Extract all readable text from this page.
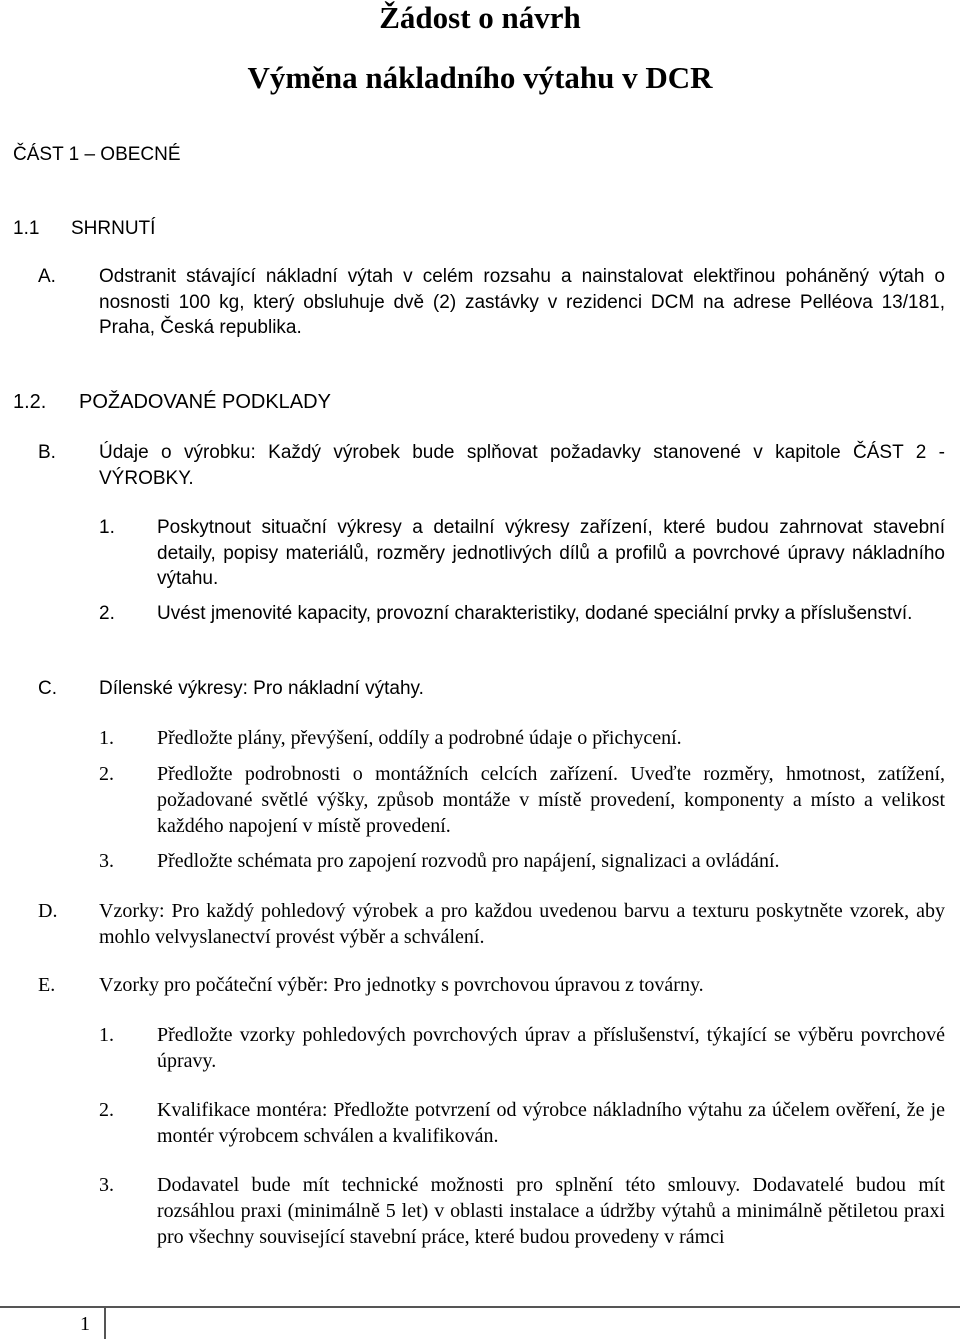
Žádost o návrh
Výměna nákladního výtahu v DCR
ČÁST 1 – OBECNÉ
1.1 SHRNUTÍ
A. Odstranit stávající nákladní výtah v celém rozsahu a nainstalovat elektřinou poháněný výtah o nosnosti 100 kg, který obsluhuje dvě (2) zastávky v rezidenci DCM na adrese Pelléova 13/181, Praha, Česká republika.
1.2. POŽADOVANÉ PODKLADY
B. Údaje o výrobku: Každý výrobek bude splňovat požadavky stanovené v kapitole ČÁST 2 - VÝROBKY.
1. Poskytnout situační výkresy a detailní výkresy zařízení, které budou zahrnovat stavební detaily, popisy materiálů, rozměry jednotlivých dílů a profilů a povrchové úpravy nákladního výtahu.
2. Uvést jmenovité kapacity, provozní charakteristiky, dodané speciální prvky a příslušenství.
C. Dílenské výkresy: Pro nákladní výtahy.
1. Předložte plány, převýšení, oddíly a podrobné údaje o přichycení.
2. Předložte podrobnosti o montážních celcích zařízení. Uveďte rozměry, hmotnost, zatížení, požadované světlé výšky, způsob montáže v místě provedení, komponenty a místo a velikost každého napojení v místě provedení.
3. Předložte schémata pro zapojení rozvodů pro napájení, signalizaci a ovládání.
D. Vzorky: Pro každý pohledový výrobek a pro každou uvedenou barvu a texturu poskytněte vzorek, aby mohlo velvyslanectví provést výběr a schválení.
E. Vzorky pro počáteční výběr: Pro jednotky s povrchovou úpravou z továrny.
1. Předložte vzorky pohledových povrchových úprav a příslušenství, týkající se výběru povrchové úpravy.
2. Kvalifikace montéra: Předložte potvrzení od výrobce nákladního výtahu za účelem ověření, že je montér výrobcem schválen a kvalifikován.
3. Dodavatel bude mít technické možnosti pro splnění této smlouvy. Dodavatelé budou mít rozsáhlou praxi (minimálně 5 let) v oblasti instalace a údržby výtahů a minimálně pětiletou praxi pro všechny související stavební práce, které budou provedeny v rámci
1
